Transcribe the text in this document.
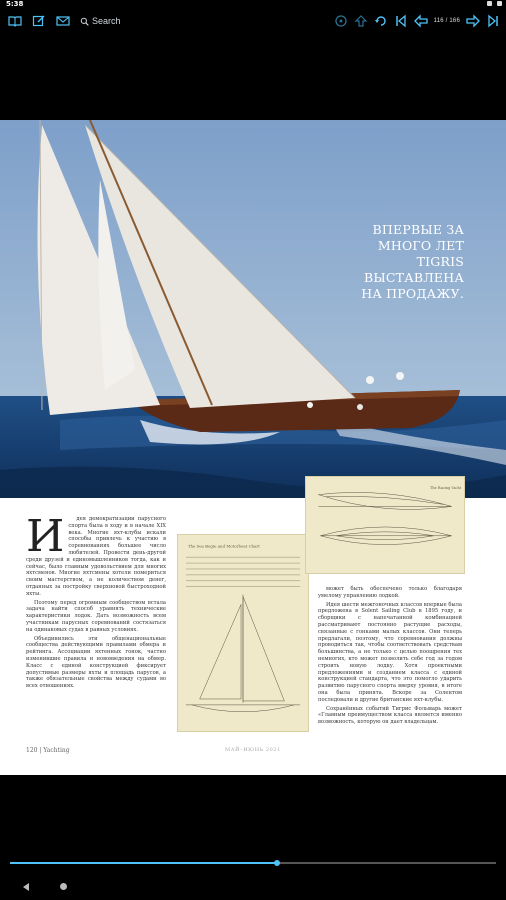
5:38
Search	116 / 166
ВПЕРВЫЕ ЗА МНОГО ЛЕТ TIGRIS ВЫСТАВЛЕНА НА ПРОДАЖУ.
И	дея демократизации парусного спорта была в ходу и в начале XIX века. Многие яхт-клубы искали способы привлечь к участию в соревнованиях большее число любителей. Провести день-другой среди друзей и единомышленников тогда, как и сейчас, было главным удовольствием для многих яхтсменов. Многие яхтсмены хотели помериться своим мастерством, а не количеством денег, отданных за постройку сверхновой быстроходной яхты.

Поэтому перед огромным сообществом встала задача найти способ уравнять технические характеристики лодок. Дать возможность всем участникам парусных соревнований состязаться на одинаковых судах в равных условиях.

Объединились эти общенациональные сообщества действующими правилами обмера и рейтинга. Ассоциации яхтенных гонок, частно изменившие правила и нововведения на обмер. Класс с единой конструкцией фиксирует допустимые размеры яхты и площадь парусов, а также обязательные свойства между судами во всех отношениях.

The Sea Bogie and Motorboat Chart
The Racing Yacht

может быть обеспечено только благодаря умелому управлению лодкой.

Идея шести межгоночных классов впервые была предложена в Solent Sailing Club в 1895 году, и сборщики с напечатанной комбинацией рассматривают постоянно растущие расходы, связанные с гонками малых классов. Они теперь предлагали, поэтому, что соревнования должны проводиться так, чтобы соответствовать средствам большинства, а не только с целью поощрения тех немногих, кто может позволить себе год за годом строить новую лодку. Хотя проектными предложениями и созданием класса с единой конструкцией стандарта, что это помогло ударить развитию парусного спорта вверху уровня, в итоге она была принята. Вскоре за Солентом последовали и другие британские яхт-клубы.

Сохранённых событий Тигрис Фольмарь может «Главным преимуществом класса является именно возможность, которую он дает владельцам.

120 | Yachting	МАЙ–ИЮНЬ 2021
